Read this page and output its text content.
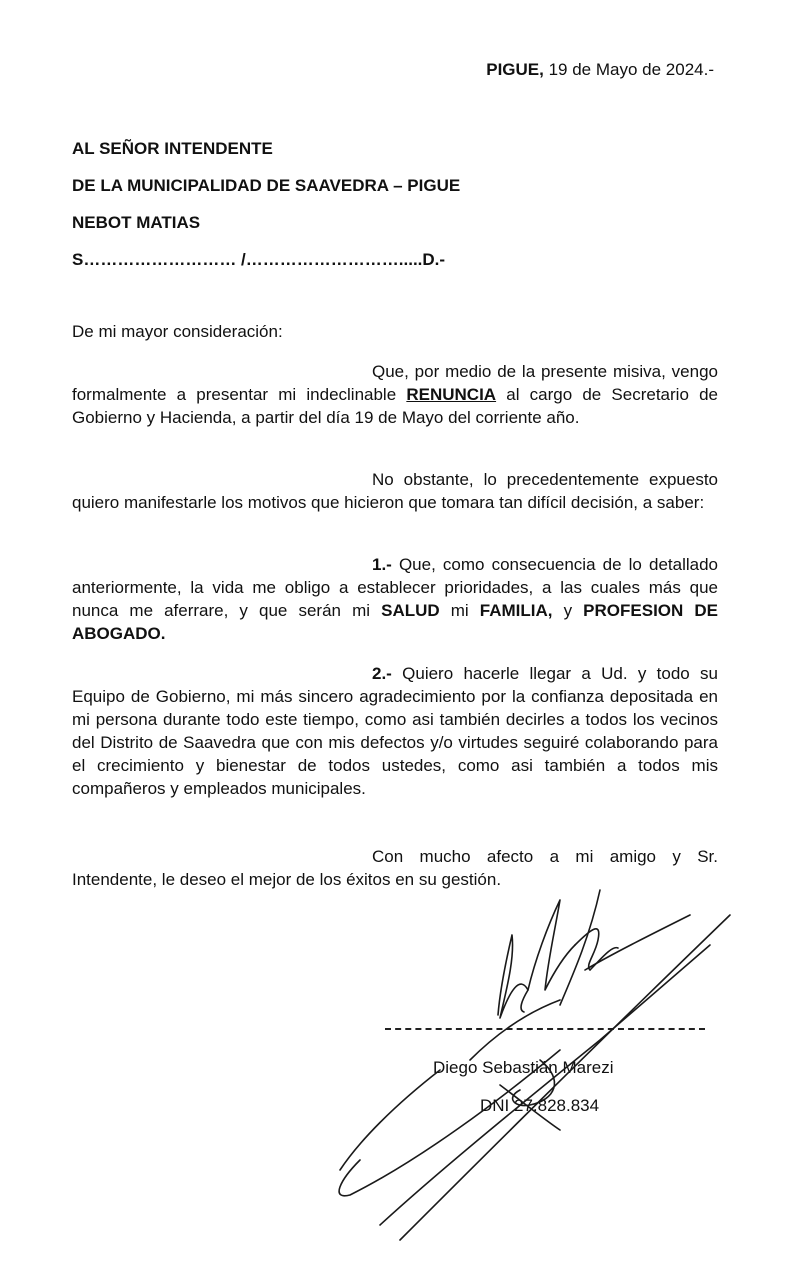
PIGUE, 19 de Mayo de 2024.-
AL SEÑOR INTENDENTE
DE LA MUNICIPALIDAD DE SAAVEDRA – PIGUE
NEBOT MATIAS
S……………………… /……………………….....D.-
De mi mayor consideración:
Que, por medio de la presente misiva, vengo formalmente a presentar mi indeclinable RENUNCIA al cargo de Secretario de Gobierno y Hacienda, a partir del día 19 de Mayo del corriente año.
No obstante, lo precedentemente expuesto quiero manifestarle los motivos que hicieron que tomara tan difícil decisión, a saber:
1.- Que, como consecuencia de lo detallado anteriormente, la vida me obligo a establecer prioridades, a las cuales más que nunca me aferrare, y que serán mi SALUD mi FAMILIA, y PROFESION DE ABOGADO.
2.- Quiero hacerle llegar a Ud. y todo su Equipo de Gobierno, mi más sincero agradecimiento por la confianza depositada en mi persona durante todo este tiempo, como asi también decirles a todos los vecinos del Distrito de Saavedra que con mis defectos y/o virtudes seguiré colaborando para el crecimiento y bienestar de todos ustedes, como asi también a todos mis compañeros y empleados municipales.
Con mucho afecto a mi amigo y Sr. Intendente, le deseo el mejor de los éxitos en su gestión.
Diego Sebastián Marezi
DNI 27.828.834
